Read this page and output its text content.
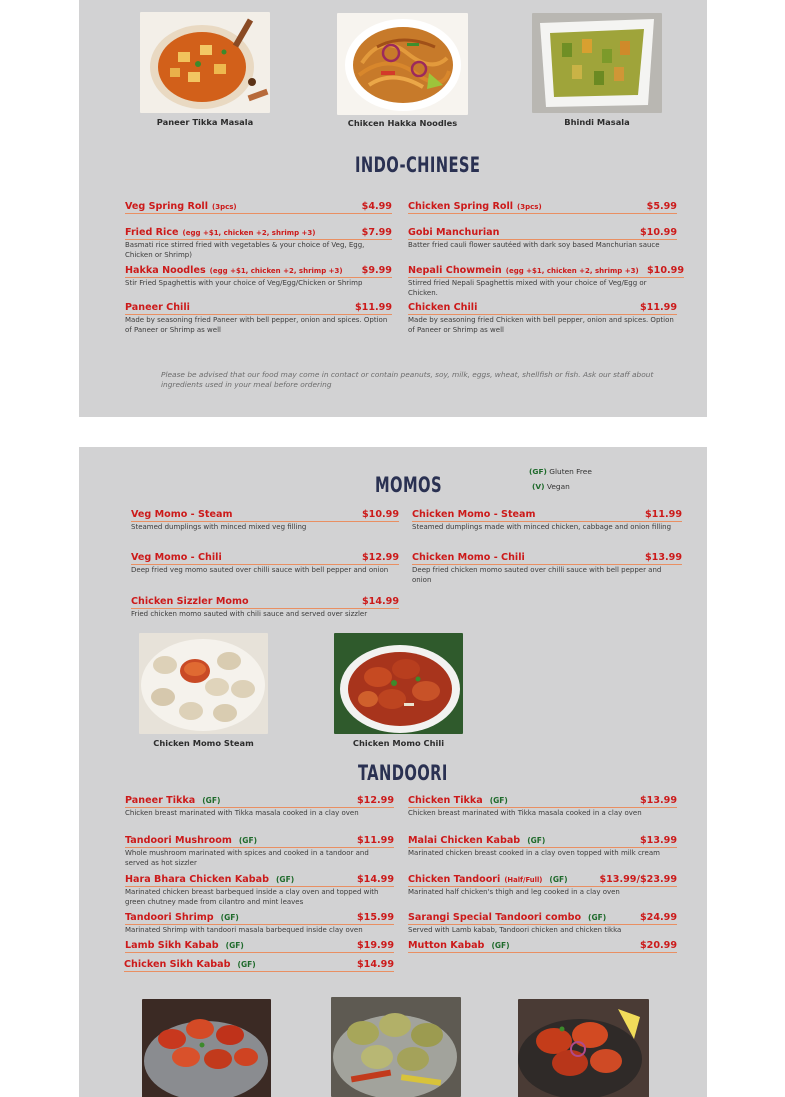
Paneer Tikka Masala	Chikcen Hakka Noodles	Bhindi Masala
INDO-CHINESE
Veg Spring Roll (3pcs)	$4.99 Chicken Spring Roll (3pcs)	$5.99
Fried Rice (egg +$1, chicken +2, shrimp +3)	$7.99
Basmati rice stirred fried with vegetables & your choice of Veg, Egg, Chicken or Shrimp)
Gobi Manchurian	$10.99
Batter fried cauli flower sautéed with dark soy based Manchurian sauce
Hakka Noodles (egg +$1, chicken +2, shrimp +3) $9.99
Stir Fried Spaghettis with your choice of Veg/Egg/Chicken or Shrimp
Nepali Chowmein (egg +$1, chicken +2, shrimp +3) $10.99
Stirred fried Nepali Spaghettis mixed with your choice of Veg/Egg or Chicken.
Paneer Chili	$11.99
Made by seasoning fried Paneer with bell pepper, onion and spices. Option of Paneer or Shrimp as well
Chicken Chili	$11.99
Made by seasoning fried Chicken with bell pepper, onion and spices. Option of Paneer or Shrimp as well
Please be advised that our food may come in contact or contain peanuts, soy, milk, eggs, wheat, shellfish or fish. Ask our staff about ingredients used in your meal before ordering
(GF) Gluten Free
(V) Vegan
MOMOS
Veg Momo - Steam	$10.99
Steamed dumplings with minced mixed veg filling
Chicken Momo - Steam	$11.99
Steamed dumplings made with minced chicken, cabbage and onion filling
Veg Momo - Chili	$12.99
Deep fried veg momo sauted over chilli sauce with bell pepper and onion
Chicken Momo - Chili	$13.99
Deep fried chicken momo sauted over chilli sauce with bell pepper and onion
Chicken Sizzler Momo	$14.99
Fried chicken momo sauted with chili sauce and served over sizzler
Chicken Momo Steam	Chicken Momo Chili
TANDOORI
Paneer Tikka (GF)	$12.99
Chicken breast marinated with Tikka masala cooked in a clay oven
Chicken Tikka (GF)	$13.99
Chicken breast marinated with Tikka masala cooked in a clay oven
Tandoori Mushroom (GF)	$11.99
Whole mushroom marinated with spices and cooked in a tandoor and served as hot sizzler
Malai Chicken Kabab (GF)	$13.99
Marinated chicken breast cooked in a clay oven topped with milk cream
Hara Bhara Chicken Kabab (GF)	$14.99
Marinated chicken breast barbequed inside a clay oven and topped with green chutney made from cilantro and mint leaves
Chicken Tandoori (Half/Full) (GF)	$13.99/$23.99
Marinated half chicken's thigh and leg cooked in a clay oven
Tandoori Shrimp (GF)	$15.99
Marinated Shrimp with tandoori masala barbequed inside clay oven
Sarangi Special Tandoori combo (GF)	$24.99
Served with Lamb kabab, Tandoori chicken and chicken tikka
Lamb Sikh Kabab (GF)	$19.99 Mutton Kabab (GF)	$20.99
Chicken Sikh Kabab (GF)	$14.99
